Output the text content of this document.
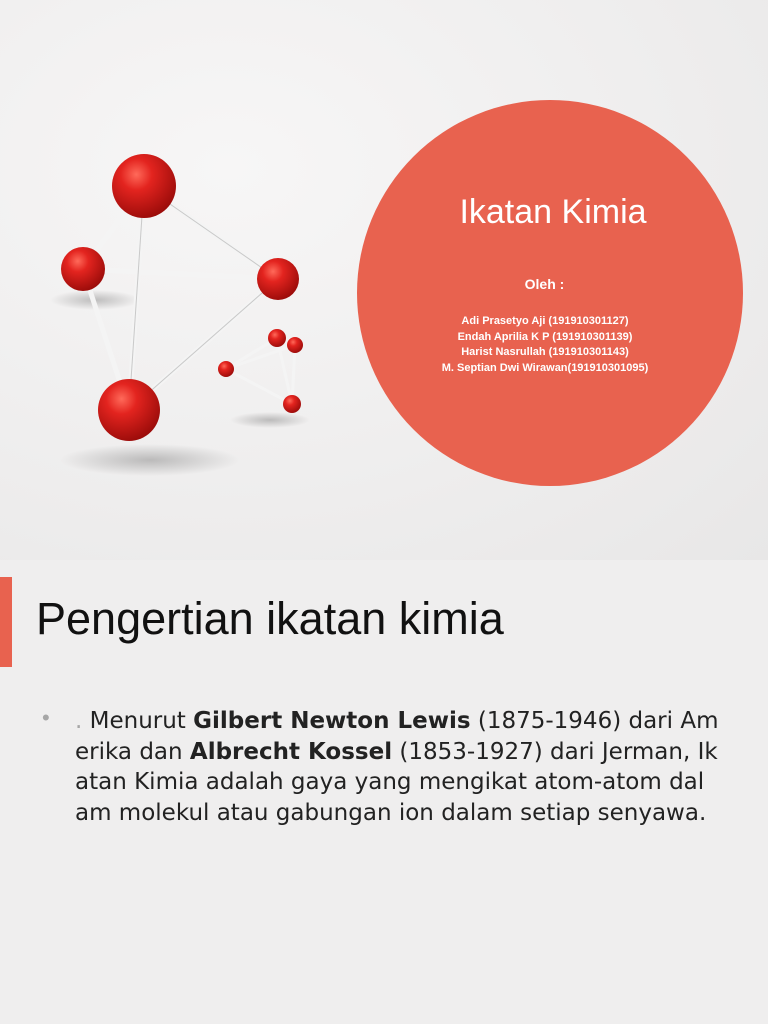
Ikatan Kimia
Oleh :
Adi Prasetyo Aji (191910301127)
Endah Aprilia K P (191910301139)
Harist Nasrullah (191910301143)
M. Septian Dwi Wirawan(191910301095)
Pengertian ikatan kimia
• . Menurut Gilbert Newton Lewis (1875-1946) dari Am
erika dan Albrecht Kossel (1853-1927) dari Jerman, Ik
atan Kimia adalah gaya yang mengikat atom-atom dal
am molekul atau gabungan ion dalam setiap senyawa.
